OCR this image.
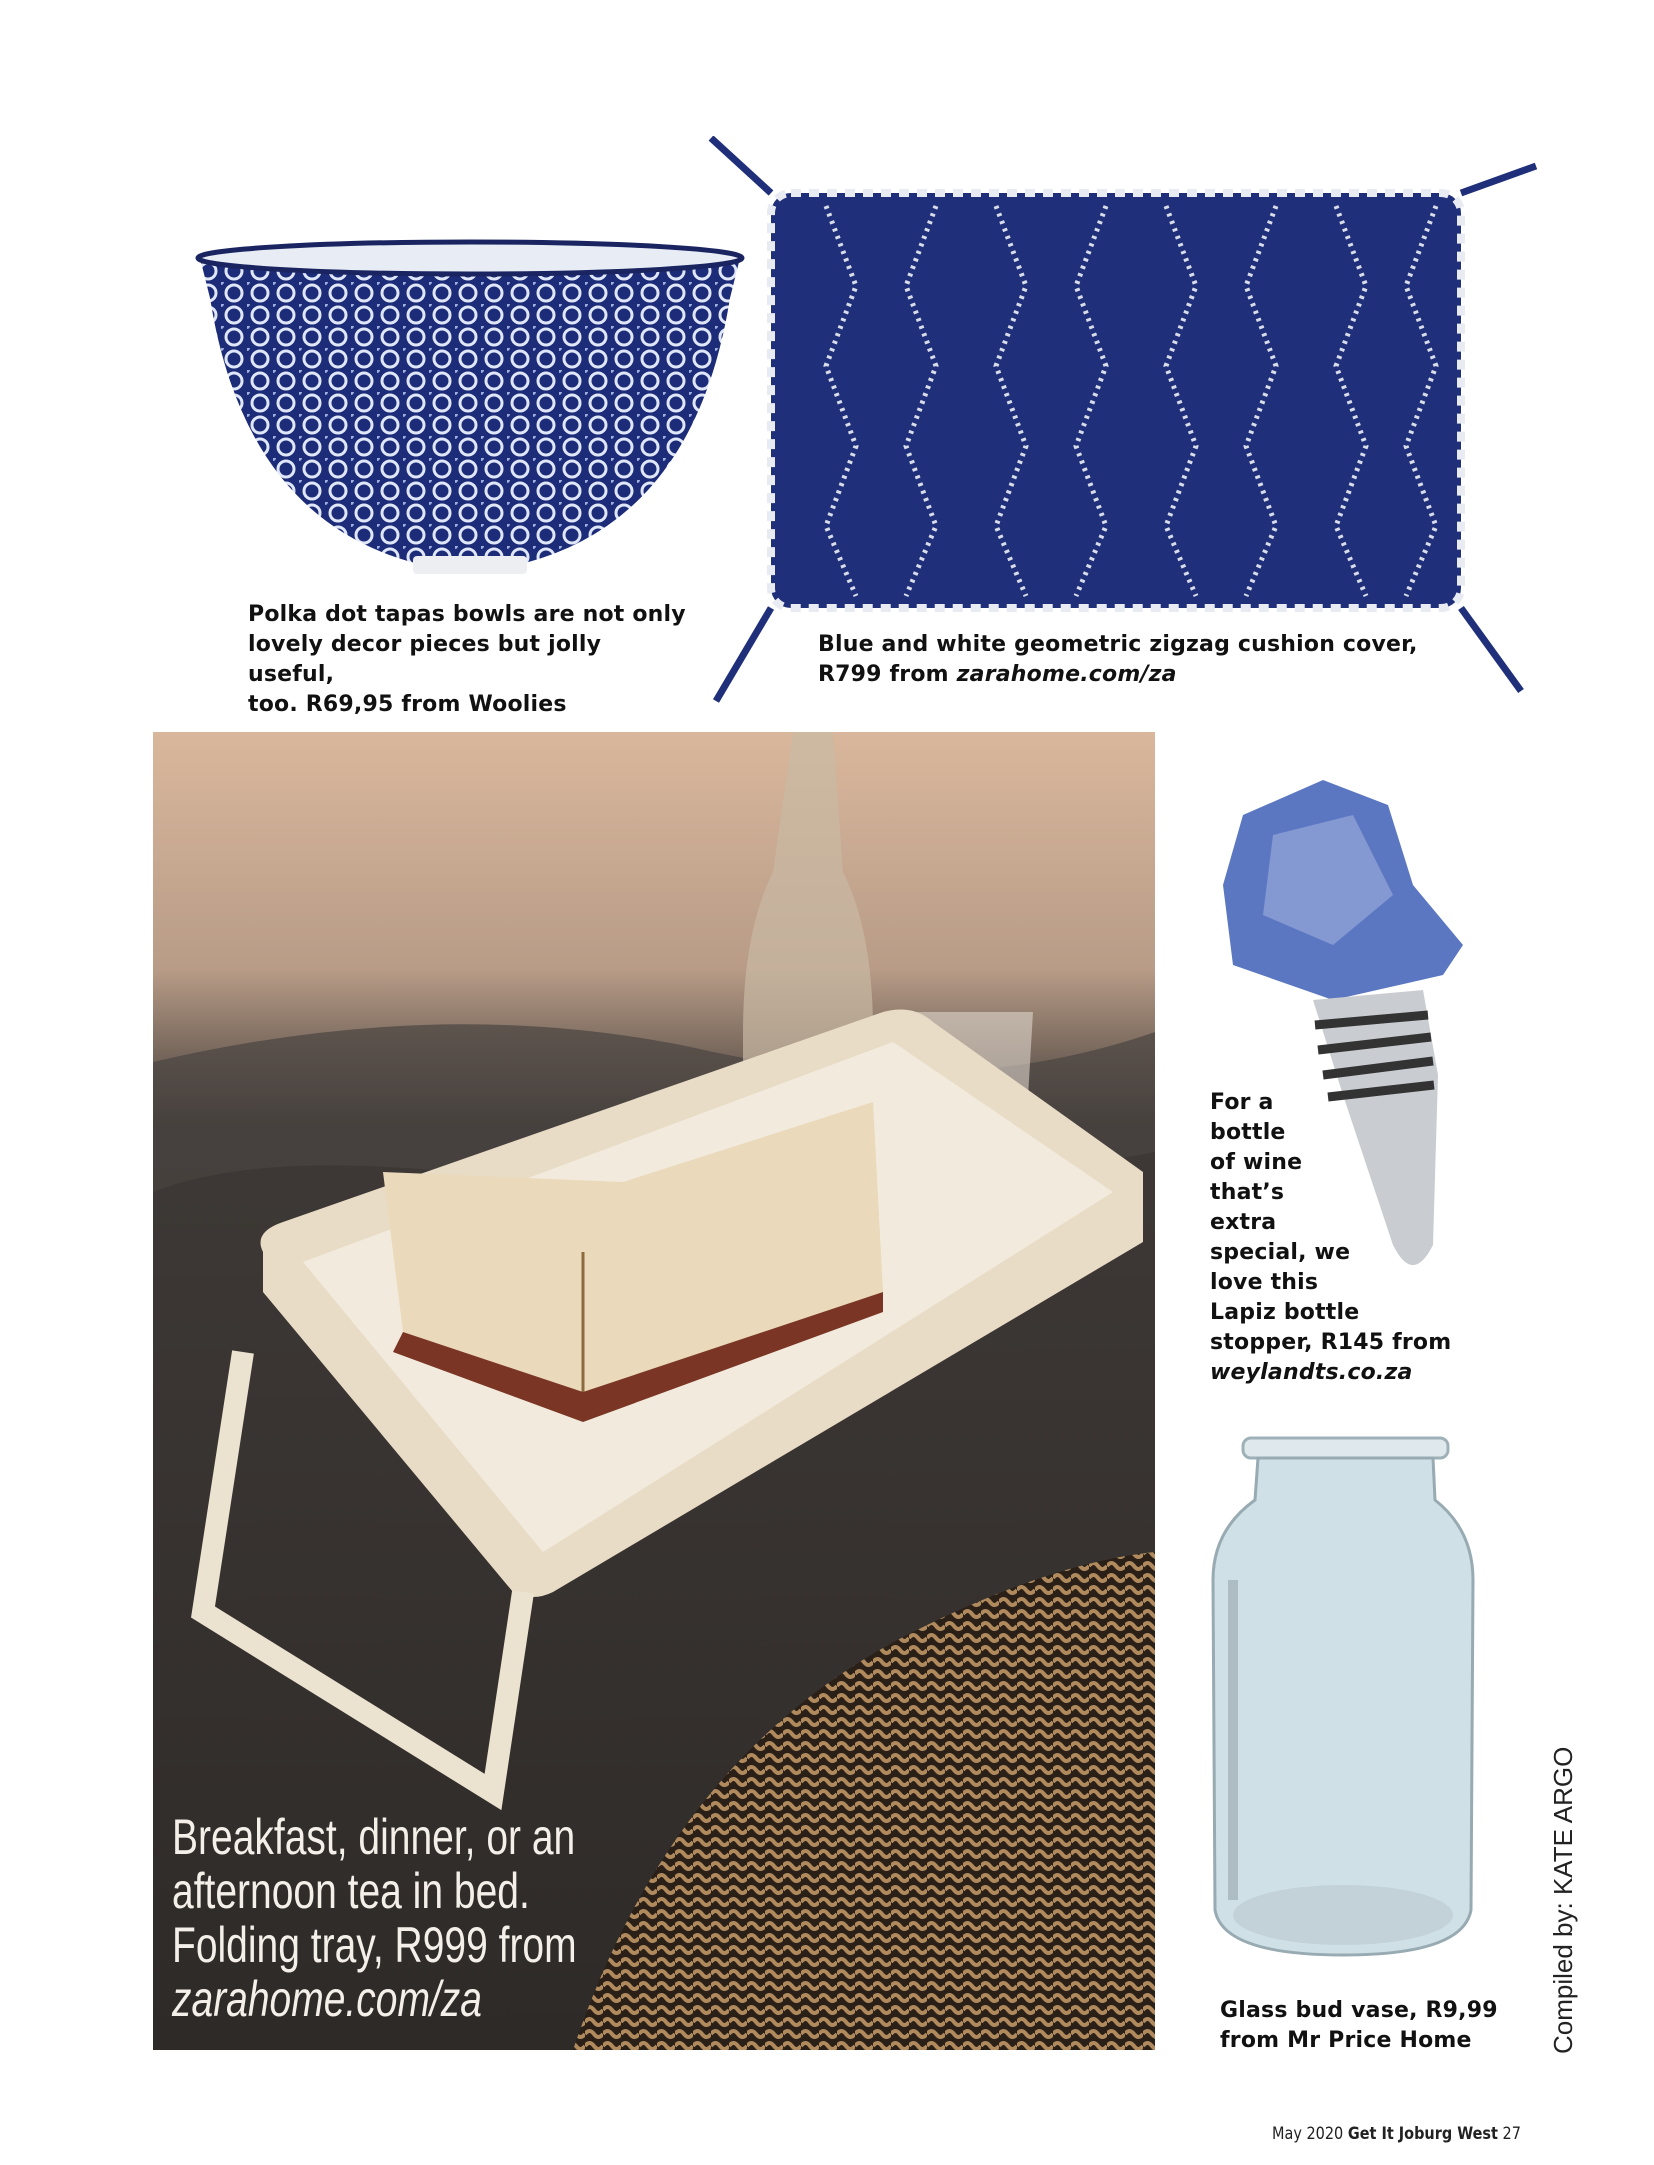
Polka dot tapas bowls are not only
lovely decor pieces but jolly useful,
too. R69,95 from Woolies
Blue and white geometric zigzag cushion cover,
R799 from zarahome.com/za
Breakfast, dinner, or an
afternoon tea in bed.
Folding tray, R999 from
zarahome.com/za
For a
bottle
of wine
that’s
extra
special, we
love this
Lapiz bottle
stopper, R145 from
weylandts.co.za
Glass bud vase, R9,99
from Mr Price Home	Compiled by: KATE ARGO
May 2020 Get It Joburg West 27
